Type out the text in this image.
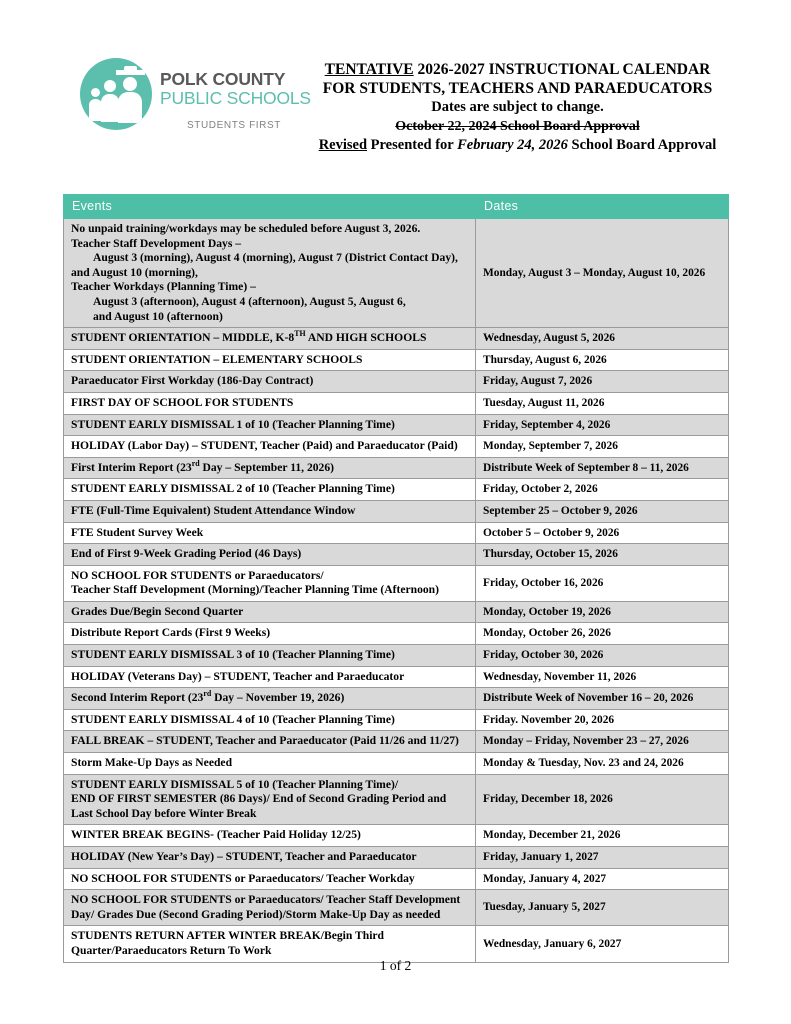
POLK COUNTY
PUBLIC SCHOOLS
STUDENTS FIRST
TENTATIVE 2026-2027 INSTRUCTIONAL CALENDAR
FOR STUDENTS, TEACHERS AND PARAEDUCATORS
Dates are subject to change.
October 22, 2024 School Board Approval
Revised Presented for February 24, 2026 School Board Approval
Events	Dates
No unpaid training/workdays may be scheduled before August 3, 2026.
Teacher Staff Development Days –
August 3 (morning), August 4 (morning), August 7 (District Contact Day),
and August 10 (morning),
Teacher Workdays (Planning Time) –
August 3 (afternoon), August 4 (afternoon), August 5, August 6,
and August 10 (afternoon)	Monday, August 3 – Monday, August 10, 2026
STUDENT ORIENTATION – MIDDLE, K-8TH AND HIGH SCHOOLS	Wednesday, August 5, 2026
STUDENT ORIENTATION – ELEMENTARY SCHOOLS	Thursday, August 6, 2026
Paraeducator First Workday (186-Day Contract)	Friday, August 7, 2026
FIRST DAY OF SCHOOL FOR STUDENTS	Tuesday, August 11, 2026
STUDENT EARLY DISMISSAL 1 of 10 (Teacher Planning Time)	Friday, September 4, 2026
HOLIDAY (Labor Day) – STUDENT, Teacher (Paid) and Paraeducator (Paid)	Monday, September 7, 2026
First Interim Report (23rd Day – September 11, 2026)	Distribute Week of September 8 – 11, 2026
STUDENT EARLY DISMISSAL 2 of 10 (Teacher Planning Time)	Friday, October 2, 2026
FTE (Full-Time Equivalent) Student Attendance Window	September 25 – October 9, 2026
FTE Student Survey Week	October 5 – October 9, 2026
End of First 9-Week Grading Period (46 Days)	Thursday, October 15, 2026
NO SCHOOL FOR STUDENTS or Paraeducators/
Teacher Staff Development (Morning)/Teacher Planning Time (Afternoon)	Friday, October 16, 2026
Grades Due/Begin Second Quarter	Monday, October 19, 2026
Distribute Report Cards (First 9 Weeks)	Monday, October 26, 2026
STUDENT EARLY DISMISSAL 3 of 10 (Teacher Planning Time)	Friday, October 30, 2026
HOLIDAY (Veterans Day) – STUDENT, Teacher and Paraeducator	Wednesday, November 11, 2026
Second Interim Report (23rd Day – November 19, 2026)	Distribute Week of November 16 – 20, 2026
STUDENT EARLY DISMISSAL 4 of 10 (Teacher Planning Time)	Friday. November 20, 2026
FALL BREAK – STUDENT, Teacher and Paraeducator (Paid 11/26 and 11/27)	Monday – Friday, November 23 – 27, 2026
Storm Make-Up Days as Needed	Monday & Tuesday, Nov. 23 and 24, 2026
STUDENT EARLY DISMISSAL 5 of 10 (Teacher Planning Time)/
END OF FIRST SEMESTER (86 Days)/ End of Second Grading Period and
Last School Day before Winter Break	Friday, December 18, 2026
WINTER BREAK BEGINS- (Teacher Paid Holiday 12/25)	Monday, December 21, 2026
HOLIDAY (New Year’s Day) – STUDENT, Teacher and Paraeducator	Friday, January 1, 2027
NO SCHOOL FOR STUDENTS or Paraeducators/ Teacher Workday	Monday, January 4, 2027
NO SCHOOL FOR STUDENTS or Paraeducators/ Teacher Staff Development
Day/ Grades Due (Second Grading Period)/Storm Make-Up Day as needed	Tuesday, January 5, 2027
STUDENTS RETURN AFTER WINTER BREAK/Begin Third
Quarter/Paraeducators Return To Work	Wednesday, January 6, 2027
1 of 2
